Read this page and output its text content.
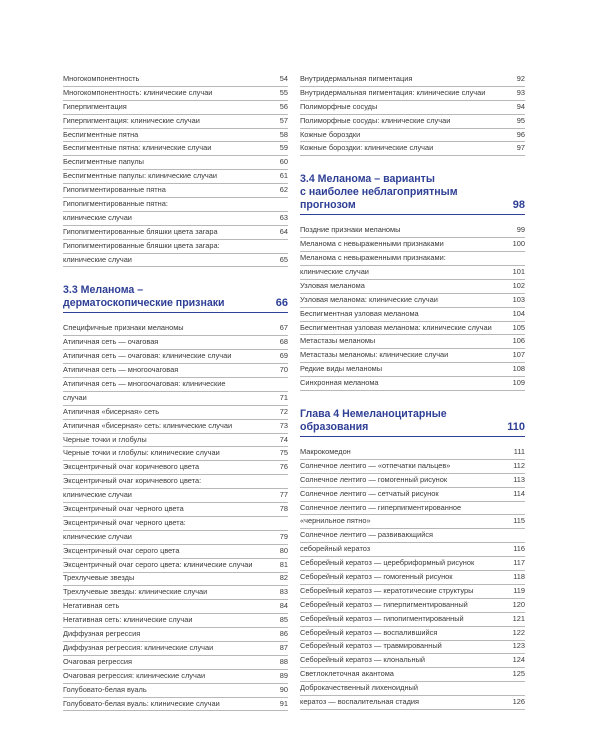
Многокомпонентность	54
Многокомпонентность: клинические случаи	55
Гиперпигментация	56
Гиперпигментация: клинические случаи	57
Беспигментные пятна	58
Беспигментные пятна: клинические случаи	59
Беспигментные папулы	60
Беспигментные папулы: клинические случаи	61
Гипопигментированные пятна	62
Гипопигментированные пятна:
клинические случаи	63
Гипопигментированные бляшки цвета загара	64
Гипопигментированные бляшки цвета загара:
клинические случаи	65
3.3 Меланома –
дерматоскопические признаки	66
Специфичные признаки меланомы	67
Атипичная сеть — очаговая	68
Атипичная сеть — очаговая: клинические случаи	69
Атипичная сеть — многоочаговая	70
Атипичная сеть — многоочаговая: клинические
случаи	71
Атипичная «бисерная» сеть	72
Атипичная «бисерная» сеть: клинические случаи	73
Черные точки и глобулы	74
Черные точки и глобулы: клинические случаи	75
Эксцентричный очаг коричневого цвета	76
Эксцентричный очаг коричневого цвета:
клинические случаи	77
Эксцентричный очаг черного цвета	78
Эксцентричный очаг черного цвета:
клинические случаи	79
Эксцентричный очаг серого цвета	80
Эксцентричный очаг серого цвета: клинические случаи	81
Трехлучевые звезды	82
Трехлучевые звезды: клинические случаи	83
Негативная сеть	84
Негативная сеть: клинические случаи	85
Диффузная регрессия	86
Диффузная регрессия: клинические случаи	87
Очаговая регрессия	88
Очаговая регрессия: клинические случаи	89
Голубовато-белая вуаль	90
Голубовато-белая вуаль: клинические случаи	91
Внутридермальная пигментация	92
Внутридермальная пигментация: клинические случаи	93
Полиморфные сосуды	94
Полиморфные сосуды: клинические случаи	95
Кожные бороздки	96
Кожные бороздки: клинические случаи	97
3.4 Меланома – варианты
с наиболее неблагоприятным
прогнозом	98
Поздние признаки меланомы	99
Меланома с невыраженными признаками	100
Меланома с невыраженными признаками:
клинические случаи	101
Узловая меланома	102
Узловая меланома: клинические случаи	103
Беспигментная узловая меланома	104
Беспигментная узловая меланома: клинические случаи	105
Метастазы меланомы	106
Метастазы меланомы: клинические случаи	107
Редкие виды меланомы	108
Синхронная меланома	109
Глава 4 Немеланоцитарные
образования	110
Макрокомедон	111
Солнечное лентиго — «отпечатки пальцев»	112
Солнечное лентиго — гомогенный рисунок	113
Солнечное лентиго — сетчатый рисунок	114
Солнечное лентиго — гиперпигментированное
«чернильное пятно»	115
Солнечное лентиго — развивающийся
себорейный кератоз	116
Себорейный кератоз — церебриформный рисунок	117
Себорейный кератоз — гомогенный рисунок	118
Себорейный кератоз — кератотические структуры	119
Себорейный кератоз — гиперпигментированный	120
Себорейный кератоз — гипопигментированный	121
Себорейный кератоз — воспалившийся	122
Себорейный кератоз — травмированный	123
Себорейный кератоз — клональный	124
Светлоклеточная акантома	125
Доброкачественный лихеноидный
кератоз — воспалительная стадия	126
